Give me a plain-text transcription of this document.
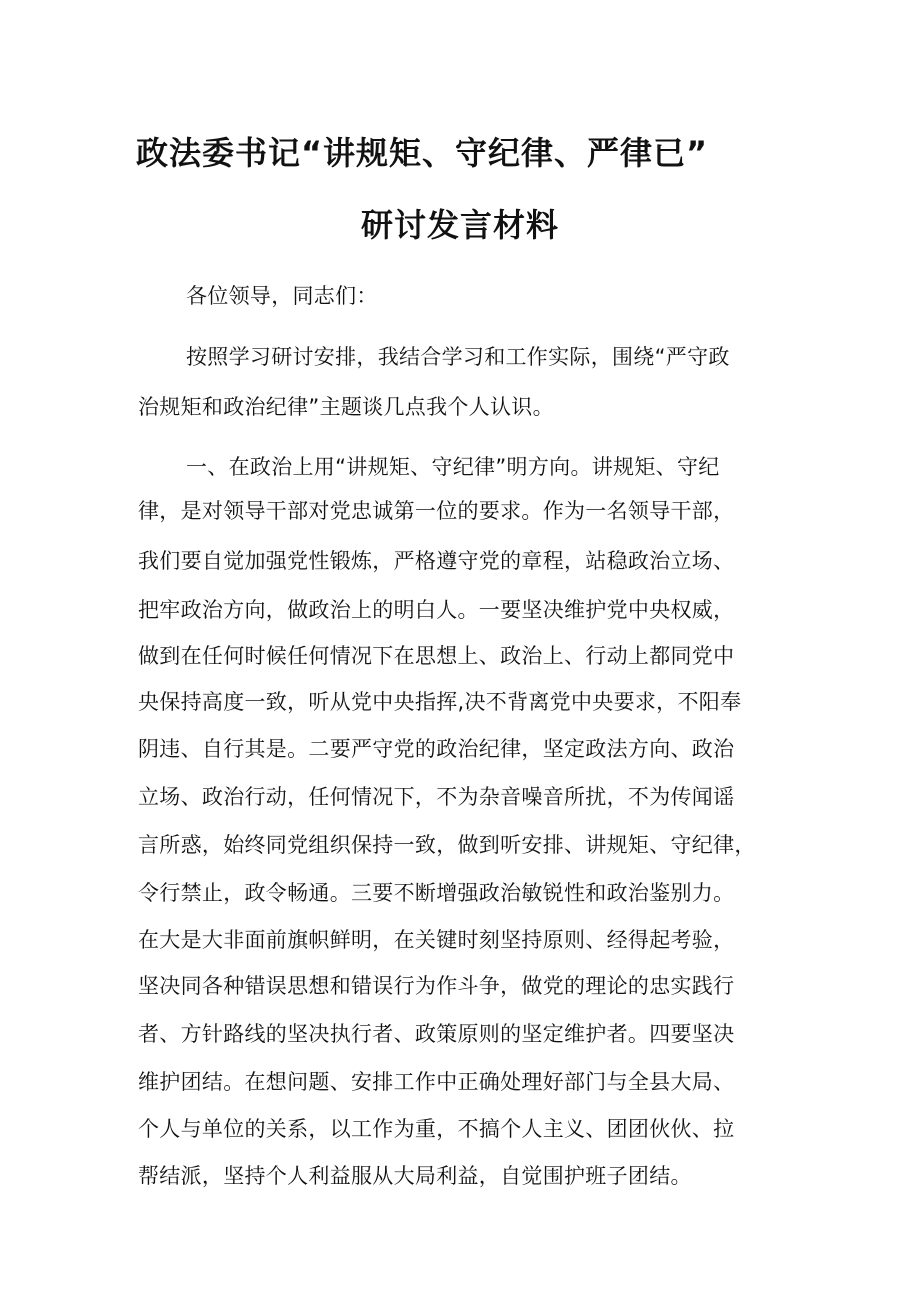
政法委书记“讲规矩、守纪律、严律已”
研讨发言材料
各位领导，同志们：
按照学习研讨安排，我结合学习和工作实际，围绕“严守政
治规矩和政治纪律”主题谈几点我个人认识。
一、在政治上用“讲规矩、守纪律”明方向。讲规矩、守纪
律，是对领导干部对党忠诚第一位的要求。作为一名领导干部，
我们要自觉加强党性锻炼，严格遵守党的章程，站稳政治立场、
把牢政治方向，做政治上的明白人。一要坚决维护党中央权威，
做到在任何时候任何情况下在思想上、政治上、行动上都同党中
央保持高度一致，听从党中央指挥,决不背离党中央要求，不阳奉
阴违、自行其是。二要严守党的政治纪律，坚定政法方向、政治
立场、政治行动，任何情况下，不为杂音噪音所扰，不为传闻谣
言所惑，始终同党组织保持一致，做到听安排、讲规矩、守纪律，
令行禁止，政令畅通。三要不断增强政治敏锐性和政治鉴别力。
在大是大非面前旗帜鲜明，在关键时刻坚持原则、经得起考验，
坚决同各种错误思想和错误行为作斗争，做党的理论的忠实践行
者、方针路线的坚决执行者、政策原则的坚定维护者。四要坚决
维护团结。在想问题、安排工作中正确处理好部门与全县大局、
个人与单位的关系，以工作为重，不搞个人主义、团团伙伙、拉
帮结派，坚持个人利益服从大局利益，自觉围护班子团结。
